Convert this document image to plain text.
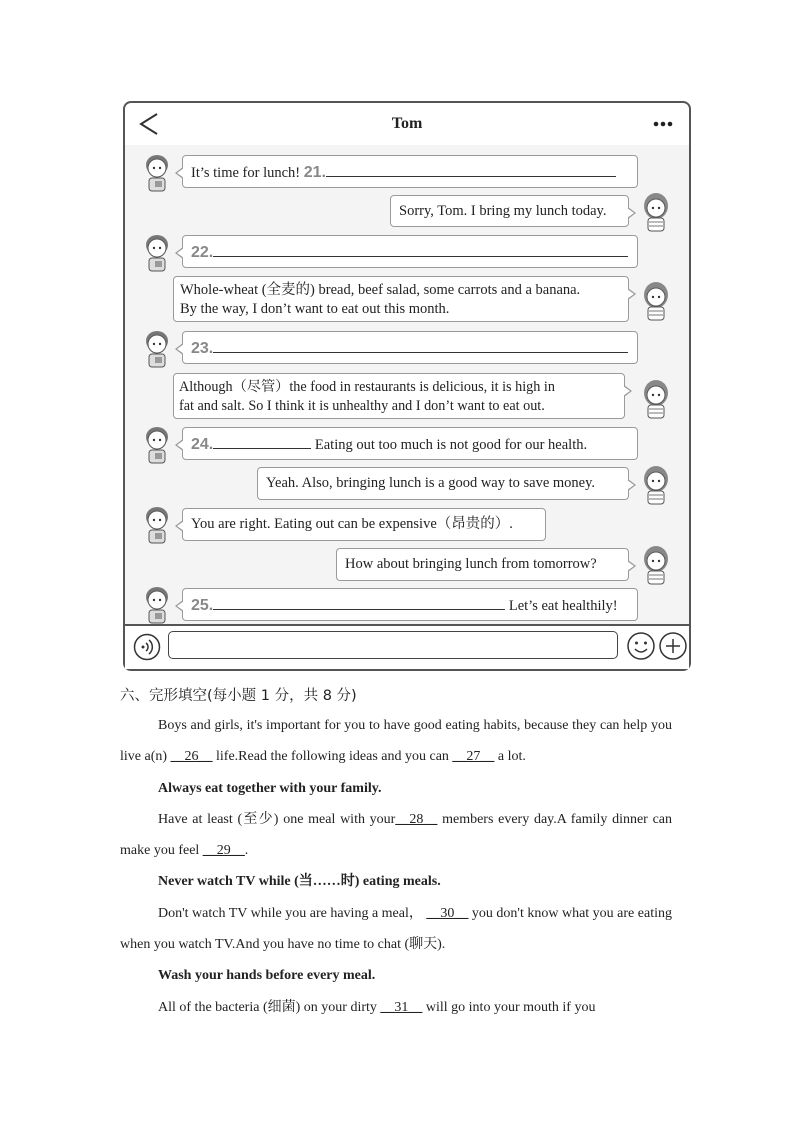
Tom
It’s time for lunch! 21.
Sorry, Tom. I bring my lunch today.
22.
Whole-wheat (全麦的) bread, beef salad, some carrots and a banana.
By the way, I don’t want to eat out this month.
23.
Although（尽管）the food in restaurants is delicious, it is high in
fat and salt. So I think it is unhealthy and I don’t want to eat out.
24.	Eating out too much is not good for our health.
Yeah. Also, bringing lunch is a good way to save money.
You are right. Eating out can be expensive（昂贵的）.
How about bringing lunch from tomorrow?
25.	Let’s eat healthily!
六、完形填空(每小题 1 分，共 8 分)

Boys and girls, it's important for you to have good eating habits, because they can help you live a(n) __26__ life.Read the following ideas and you can __27__ a lot.

Always eat together with your family.

Have at least (至少) one meal with your__28__ members every day.A family dinner can make you feel __29__.

Never watch TV while (当……时) eating meals.

Don't watch TV while you are having a meal， __30__ you don't know what you are eating when you watch TV.And you have no time to chat (聊天).

Wash your hands before every meal.

All of the bacteria (细菌) on your dirty __31__ will go into your mouth if you
